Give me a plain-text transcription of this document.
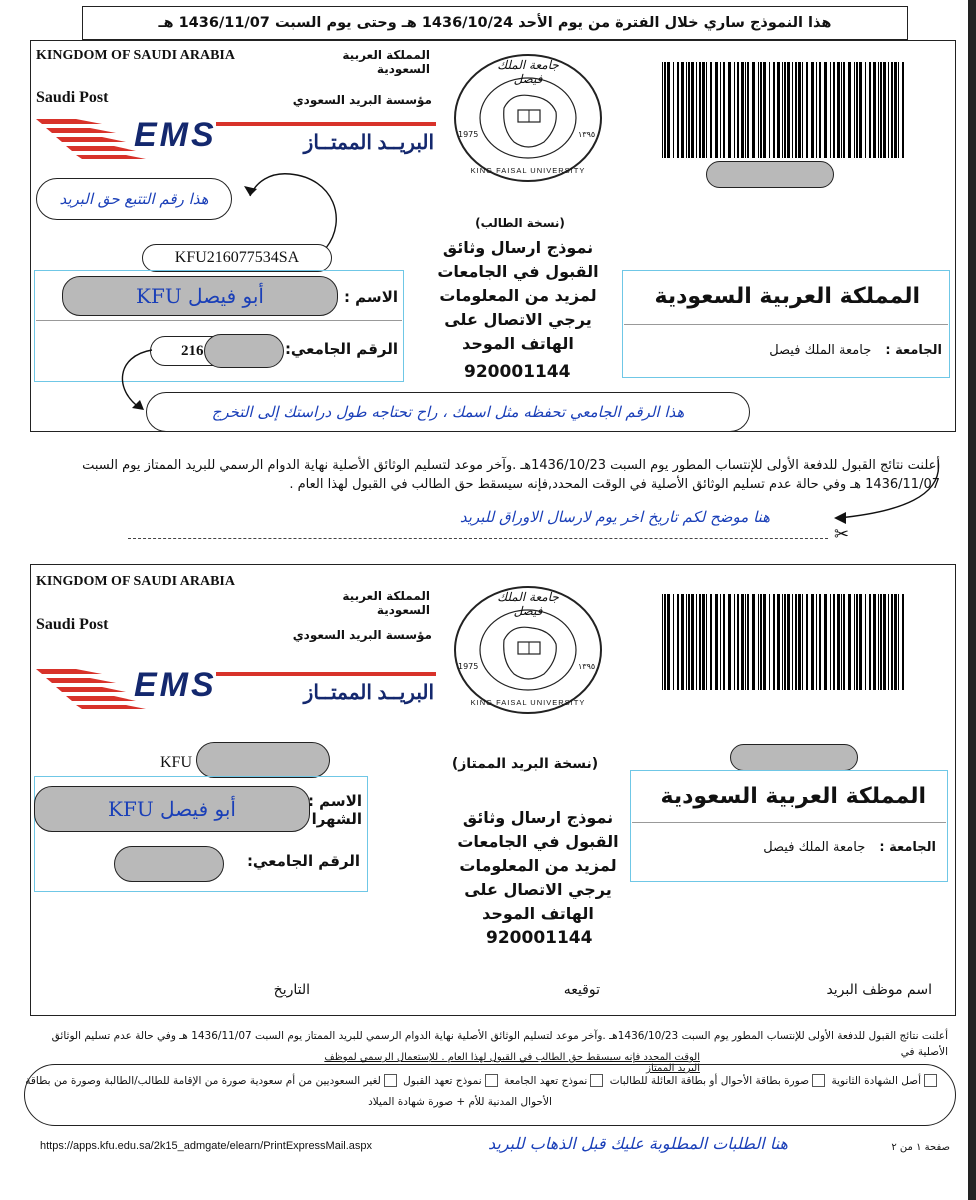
هذا النموذج ساري خلال الفترة من يوم الأحد 1436/10/24 هـ وحتى يوم السبت 1436/11/07 هـ
KINGDOM OF SAUDI ARABIA	المملكة العربية السعودية
Saudi Post	مؤسسة البريد السعودي
EMS	البريــد الممتــاز
جامعة الملك فيصل
1975	١٣٩٥
KING FAISAL UNIVERSITY
هذا رقم التتبع حق البريد
KFU216077534SA
أبو فيصل KFU	الاسم :
216	الرقم الجامعي:
هذا الرقم الجامعي تحفظه مثل اسمك ، راح تحتاجه طول دراستك إلى التخرج
(نسخة الطالب)
نموذج ارسال وثائق القبول في الجامعات لمزيد من المعلومات يرجي الاتصال على الهاتف الموحد
920001144
المملكة العربية السعودية
الجامعة : جامعة الملك فيصل
أعلنت نتائج القبول للدفعة الأولى للإنتساب المطور يوم السبت 1436/10/23هـ .وآخر موعد لتسليم الوثائق الأصلية نهاية الدوام الرسمي للبريد الممتاز يوم السبت 1436/11/07 هـ وفي حالة عدم تسليم الوثائق الأصلية في الوقت المحدد,فإنه سيسقط حق الطالب في القبول لهذا العام .
هنا موضح لكم تاريخ اخر يوم لارسال الاوراق للبريد
✂
KINGDOM OF SAUDI ARABIA
المملكة العربية السعودية
Saudi Post
مؤسسة البريد السعودي
EMS	البريــد الممتــاز
جامعة الملك فيصل
1975	١٣٩٥
KING FAISAL UNIVERSITY
KFU
أبو فيصل KFU	الاسم :
الشهرا
الرقم الجامعي:
(نسخة البريد الممتاز)
نموذج ارسال وثائق القبول في الجامعات لمزيد من المعلومات يرجي الاتصال على الهاتف الموحد
920001144
المملكة العربية السعودية
الجامعة : جامعة الملك فيصل
اسم موظف البريد
توقيعه
التاريخ
أعلنت نتائج القبول للدفعة الأولى للإنتساب المطور يوم السبت 1436/10/23هـ .وآخر موعد لتسليم الوثائق الأصلية نهاية الدوام الرسمي للبريد الممتاز يوم السبت 1436/11/07 هـ وفي حالة عدم تسليم الوثائق الأصلية في
الوقت المحدد فإنه سيسقط حق الطالب في القبول لهذا العام . للإستعمال الرسمي لموظف البريد الممتاز
أصل الشهادة الثانوية صورة بطاقة الأحوال أو بطاقة العائلة للطالبات نموذج تعهد الجامعة نموذج تعهد القبول لغير السعوديين من أم سعودية صورة من الإقامة للطالب/الطالبة وصورة من بطاقة
الأحوال المدنية للأم + صورة شهادة الميلاد
https://apps.kfu.edu.sa/2k15_admgate/elearn/PrintExpressMail.aspx	هنا الطلبات المطلوبة عليك قبل الذهاب للبريد	صفحة ١ من ٢
